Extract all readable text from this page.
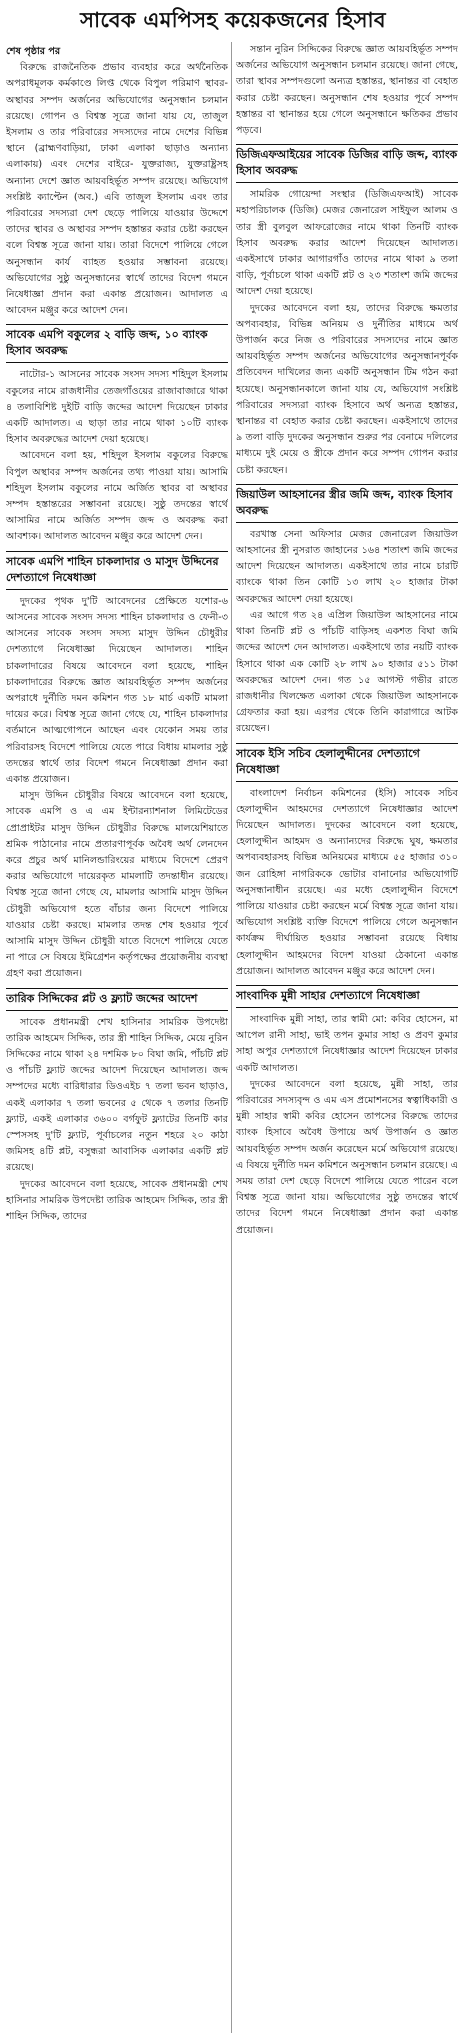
সাবেক এমপিসহ কয়েকজনের হিসাব
শেষ পৃষ্ঠার পর

বিরুদ্ধে রাজনৈতিক প্রভাব ব্যবহার করে অর্থনৈতিক অপরাধমূলক কর্মকাণ্ডে লিপ্ত থেকে বিপুল পরিমাণ স্থাবর-অস্থাবর সম্পদ অর্জনের অভিযোগের অনুসন্ধান চলমান রয়েছে। গোপন ও বিশ্বস্ত সূত্রে জানা যায় যে, তাজুল ইসলাম ও তার পরিবারের সদস্যদের নামে দেশের বিভিন্ন স্থানে (ব্রাহ্মণবাড়িয়া, ঢাকা এলাকা ছাড়াও অন্যান্য এলাকায়) এবং দেশের বাইরে- যুক্তরাজ্য, যুক্তরাষ্ট্রসহ অন্যান্য দেশে জ্ঞাত আয়বহির্ভূত সম্পদ রয়েছে। অভিযোগ সংশ্লিষ্ট ক্যাপ্টেন (অব.) এবি তাজুল ইসলাম এবং তার পরিবারের সদস্যরা দেশ ছেড়ে পালিয়ে যাওয়ার উদ্দেশে তাদের স্থাবর ও অস্থাবর সম্পদ হস্তান্তর করার চেষ্টা করছেন বলে বিশ্বস্ত সূত্রে জানা যায়। তারা বিদেশে পালিয়ে গেলে অনুসন্ধান কার্য ব্যাহত হওয়ার সম্ভাবনা রয়েছে। অভিযোগের সুষ্ঠু অনুসন্ধানের স্বার্থে তাদের বিদেশ গমনে নিষেধাজ্ঞা প্রদান করা একান্ত প্রয়োজন। আদালত এ আবেদন মঞ্জুর করে আদেশ দেন।

সাবেক এমপি বকুলের ২ বাড়ি জব্দ, ১০ ব্যাংক হিসাব অবরুদ্ধ

নাটোর-১ আসনের সাবেক সংসদ সদস্য শহিদুল ইসলাম বকুলের নামে রাজধানীর তেজগাঁওয়ের রাজাবাজারে থাকা ৪ তলাবিশিষ্ট দুইটি বাড়ি জব্দের আদেশ দিয়েছেন ঢাকার একটি আদালত। এ ছাড়া তার নামে থাকা ১০টি ব্যাংক হিসাব অবরুদ্ধের আদেশ দেয়া হয়েছে।

আবেদনে বলা হয়, শহিদুল ইসলাম বকুলের বিরুদ্ধে বিপুল অস্থাবর সম্পদ অর্জনের তথ্য পাওয়া যায়। আসামি শহিদুল ইসলাম বকুলের নামে অর্জিত স্থাবর বা অস্থাবর সম্পদ হস্তান্তরের সম্ভাবনা রয়েছে। সুষ্ঠু তদন্তের স্বার্থে আসামির নামে অর্জিত সম্পদ জব্দ ও অবরুদ্ধ করা আবশ্যক। আদালত আবেদন মঞ্জুর করে আদেশ দেন।

সাবেক এমপি শাহিন চাকলাদার ও মাসুদ উদ্দিনের দেশত্যাগে নিষেধাজ্ঞা

দুদকের পৃথক দু'টি আবেদনের প্রেক্ষিতে যশোর-৬ আসনের সাবেক সংসদ সদস্য শাহিন চাকলাদার ও ফেনী-৩ আসনের সাবেক সংসদ সদস্য মাসুদ উদ্দিন চৌধুরীর দেশত্যাগে নিষেধাজ্ঞা দিয়েছেন আদালত। শাহিন চাকলাদারের বিষয়ে আবেদনে বলা হয়েছে, শাহিন চাকলাদারের বিরুদ্ধে জ্ঞাত আয়বহির্ভূত সম্পদ অর্জনের অপরাধে দুর্নীতি দমন কমিশন গত ১৮ মার্চ একটি মামলা দায়ের করে। বিশ্বস্ত সূত্রে জানা গেছে যে, শাহিন চাকলাদার বর্তমানে আত্মগোপনে আছেন এবং যেকোন সময় তার পরিবারসহ বিদেশে পালিয়ে যেতে পারে বিধায় মামলার সুষ্ঠু তদন্তের স্বার্থে তার বিদেশ গমনে নিষেধাজ্ঞা প্রদান করা একান্ত প্রয়োজন।

মাসুদ উদ্দিন চৌধুরীর বিষয়ে আবেদনে বলা হয়েছে, সাবেক এমপি ও এ এম ইন্টারন্যাশনাল লিমিটেডের প্রোপ্রাইটর মাসুদ উদ্দিন চৌধুরীর বিরুদ্ধে মালয়েশিয়াতে শ্রমিক পাঠানোর নামে প্রতারণাপূর্বক অবৈধ অর্থ লেনদেন করে প্রচুর অর্থ মানিলন্ডারিংয়ের মাধ্যমে বিদেশে প্রেরণ করার অভিযোগে দায়েরকৃত মামলাটি তদন্তাধীন রয়েছে। বিশ্বস্ত সূত্রে জানা গেছে যে, মামলার আসামি মাসুদ উদ্দিন চৌধুরী অভিযোগ হতে বাঁচার জন্য বিদেশে পালিয়ে যাওয়ার চেষ্টা করছে। মামলার তদন্ত শেষ হওয়ার পূর্বে আসামি মাসুদ উদ্দিন চৌধুরী যাতে বিদেশে পালিয়ে যেতে না পারে সে বিষয়ে ইমিগ্রেশন কর্তৃপক্ষের প্রয়োজনীয় ব্যবস্থা গ্রহণ করা প্রয়োজন।

তারিক সিদ্দিকের প্লট ও ফ্ল্যাট জব্দের আদেশ

সাবেক প্রধানমন্ত্রী শেখ হাসিনার সামরিক উপদেষ্টা তারিক আহমেদ সিদ্দিক, তার স্ত্রী শাহিন সিদ্দিক, মেয়ে নুরিন সিদ্দিকের নামে থাকা ২৪ দশমিক ৮০ বিঘা জমি, পাঁচটি প্লট ও পাঁচটি ফ্ল্যাট জব্দের আদেশ দিয়েছেন আদালত। জব্দ সম্পদের মধ্যে বারিধারার ডিওএইচ ৭ তলা ভবন ছাড়াও, একই এলাকার ৭ তলা ভবনের ৫ থেকে ৭ তলার তিনটি ফ্ল্যাট, একই এলাকার ৩৬০০ বর্গফুট ফ্ল্যাটের তিনটি কার স্পেসসহ দু'টি ফ্ল্যাট, পূর্বাচলের নতুন শহরে ২০ কাঠা জমিসহ ৪টি প্লট, বসুন্ধরা আবাসিক এলাকার একটি প্লট রয়েছে।

দুদকের আবেদনে বলা হয়েছে, সাবেক প্রধানমন্ত্রী শেখ হাসিনার সামরিক উপদেষ্টা তারিক আহমেদ সিদ্দিক, তার স্ত্রী শাহিন সিদ্দিক, তাদের

সন্তান নুরিন সিদ্দিকের বিরুদ্ধে জ্ঞাত আয়বহির্ভূত সম্পদ অর্জনের অভিযোগ অনুসন্ধান চলমান রয়েছে। জানা গেছে, তারা স্থাবর সম্পদগুলো অন্যত্র হস্তান্তর, স্থানান্তর বা বেহাত করার চেষ্টা করছেন। অনুসন্ধান শেষ হওয়ার পূর্বে সম্পদ হস্তান্তর বা স্থানান্তর হয়ে গেলে অনুসন্ধানে ক্ষতিকর প্রভাব পড়বে।

ডিজিএফআইয়ের সাবেক ডিজির বাড়ি জব্দ, ব্যাংক হিসাব অবরুদ্ধ

সামরিক গোয়েন্দা সংস্থার (ডিজিএফআই) সাবেক মহাপরিচালক (ডিজি) মেজর জেনারেল সাইফুল আলম ও তার স্ত্রী বুলবুল আফরোজের নামে থাকা তিনটি ব্যাংক হিসাব অবরুদ্ধ করার আদেশ দিয়েছেন আদালত। একইসাথে ঢাকার আগারগাঁও তাদের নামে থাকা ৯ তলা বাড়ি, পূর্বাচলে থাকা একটি প্লট ও ২৩ শতাংশ জমি জব্দের আদেশ দেয়া হয়েছে।

দুদকের আবেদনে বলা হয়, তাদের বিরুদ্ধে ক্ষমতার অপব্যবহার, বিভিন্ন অনিয়ম ও দুর্নীতির মাধ্যমে অর্থ উপার্জন করে নিজ ও পরিবারের সদস্যদের নামে জ্ঞাত আয়বহির্ভূত সম্পদ অর্জনের অভিযোগের অনুসন্ধানপূর্বক প্রতিবেদন দাখিলের জন্য একটি অনুসন্ধান টিম গঠন করা হয়েছে। অনুসন্ধানকালে জানা যায় যে, অভিযোগ সংশ্লিষ্ট পরিবারের সদস্যরা ব্যাংক হিসাবে অর্থ অন্যত্র হস্তান্তর, স্থানান্তর বা বেহাত করার চেষ্টা করছেন। একইসাথে তাদের ৯ তলা বাড়ি দুদকের অনুসন্ধান শুরুর পর বেনামে দলিলের মাধ্যমে দুই মেয়ে ও স্ত্রীকে প্রদান করে সম্পদ গোপন করার চেষ্টা করছেন।

জিয়াউল আহসানের স্ত্রীর জমি জব্দ, ব্যাংক হিসাব অবরুদ্ধ

বরখাস্ত সেনা অফিসার মেজর জেনারেল জিয়াউল আহসানের স্ত্রী নুসরাত জাহানের ১৬৪ শতাংশ জমি জব্দের আদেশ দিয়েছেন আদালত। একইসাথে তার নামে চারটি ব্যাংকে থাকা তিন কোটি ১৩ লাখ ২০ হাজার টাকা অবরুদ্ধের আদেশ দেয়া হয়েছে।

এর আগে গত ২৪ এপ্রিল জিয়াউল আহসানের নামে থাকা তিনটি প্লট ও পাঁচটি বাড়িসহ একশত বিঘা জমি জব্দের আদেশ দেন আদালত। একইসাথে তার নয়টি ব্যাংক হিসাবে থাকা এক কোটি ২৮ লাখ ৯০ হাজার ৫১১ টাকা অবরুদ্ধের আদেশ দেন। গত ১৫ আগস্ট গভীর রাতে রাজধানীর খিলক্ষেত এলাকা থেকে জিয়াউল আহসানকে গ্রেফতার করা হয়। এরপর থেকে তিনি কারাগারে আটক রয়েছেন।

সাবেক ইসি সচিব হেলালুদ্দীনের দেশত্যাগে নিষেধাজ্ঞা

বাংলাদেশ নির্বাচন কমিশনের (ইসি) সাবেক সচিব হেলালুদ্দীন আহমদের দেশত্যাগে নিষেধাজ্ঞার আদেশ দিয়েছেন আদালত। দুদকের আবেদনে বলা হয়েছে, হেলালুদ্দীন আহমদ ও অন্যান্যদের বিরুদ্ধে ঘুষ, ক্ষমতার অপব্যবহারসহ বিভিন্ন অনিয়মের মাধ্যমে ৫৫ হাজার ৩১০ জন রোহিঙ্গা নাগরিককে ভোটার বানানোর অভিযোগটি অনুসন্ধানাধীন রয়েছে। এর মধ্যে হেলালুদ্দীন বিদেশে পালিয়ে যাওয়ার চেষ্টা করছেন মর্মে বিশ্বস্ত সূত্রে জানা যায়। অভিযোগ সংশ্লিষ্ট ব্যক্তি বিদেশে পালিয়ে গেলে অনুসন্ধান কার্যক্রম দীর্ঘায়িত হওয়ার সম্ভাবনা রয়েছে বিধায় হেলালুদ্দীন আহমদের বিদেশ যাওয়া ঠেকানো একান্ত প্রয়োজন। আদালত আবেদন মঞ্জুর করে আদেশ দেন।

সাংবাদিক মুন্নী সাহার দেশত্যাগে নিষেধাজ্ঞা

সাংবাদিক মুন্নী সাহা, তার স্বামী মো: কবির হোসেন, মা আপেল রানী সাহা, ভাই তপন কুমার সাহা ও প্রবণ কুমার সাহা অপুর দেশত্যাগে নিষেধাজ্ঞার আদেশ দিয়েছেন ঢাকার একটি আদালত।

দুদকের আবেদনে বলা হয়েছে, মুন্নী সাহা, তার পরিবারের সদস্যবৃন্দ ও এম এস প্রমোশনসের স্বত্বাধিকারী ও মুন্নী সাহার স্বামী কবির হোসেন তাপসের বিরুদ্ধে তাদের ব্যাংক হিসাবে অবৈধ উপায়ে অর্থ উপার্জন ও জ্ঞাত আয়বহির্ভূত সম্পদ অর্জন করেছেন মর্মে অভিযোগ রয়েছে। এ বিষয়ে দুর্নীতি দমন কমিশনে অনুসন্ধান চলমান রয়েছে। এ সময় তারা দেশ ছেড়ে বিদেশে পালিয়ে যেতে পারেন বলে বিশ্বস্ত সূত্রে জানা যায়। অভিযোগের সুষ্ঠু তদন্তের স্বার্থে তাদের বিদেশ গমনে নিষেধাজ্ঞা প্রদান করা একান্ত প্রয়োজন।
